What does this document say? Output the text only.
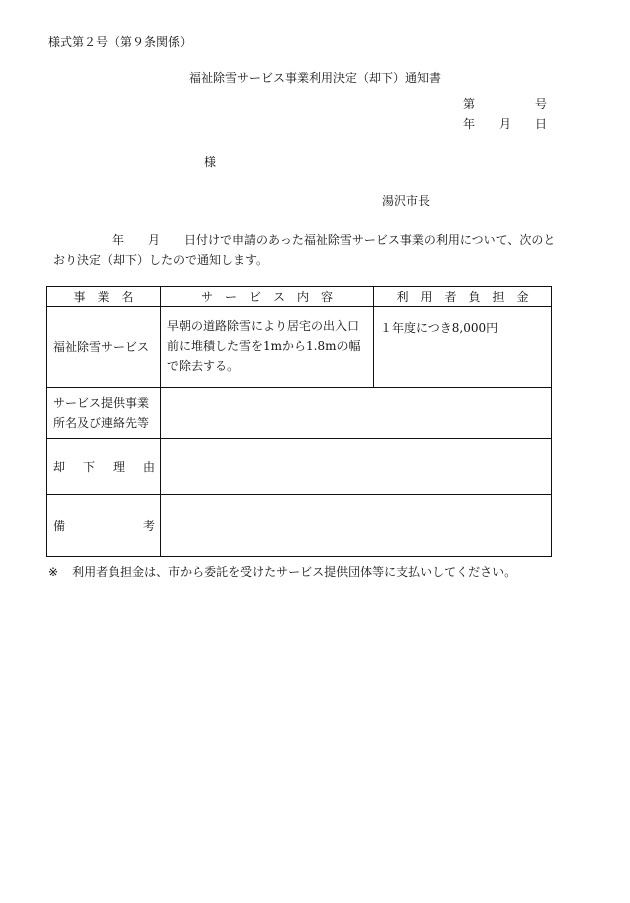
様式第２号（第９条関係）
福祉除雪サービス事業利用決定（却下）通知書
第　　　　　号
年　　月　　日
様
湯沢市長
年　　月　　日付けで申請のあった福祉除雪サービス事業の利用について、次のと
おり決定（却下）したので通知します。
事　業　名	サ　ー　ビ　ス　内　容	利　用　者　負　担　金
福祉除雪サービス	早朝の道路除雪により居宅の出入口前に堆積した雪を1mから1.8mの幅で除去する。	１年度につき8,000円

サービス提供事業
所名及び連絡先等		

却 下 理 由		

備 考		

※ 利用者負担金は、市から委託を受けたサービス提供団体等に支払いしてください。
